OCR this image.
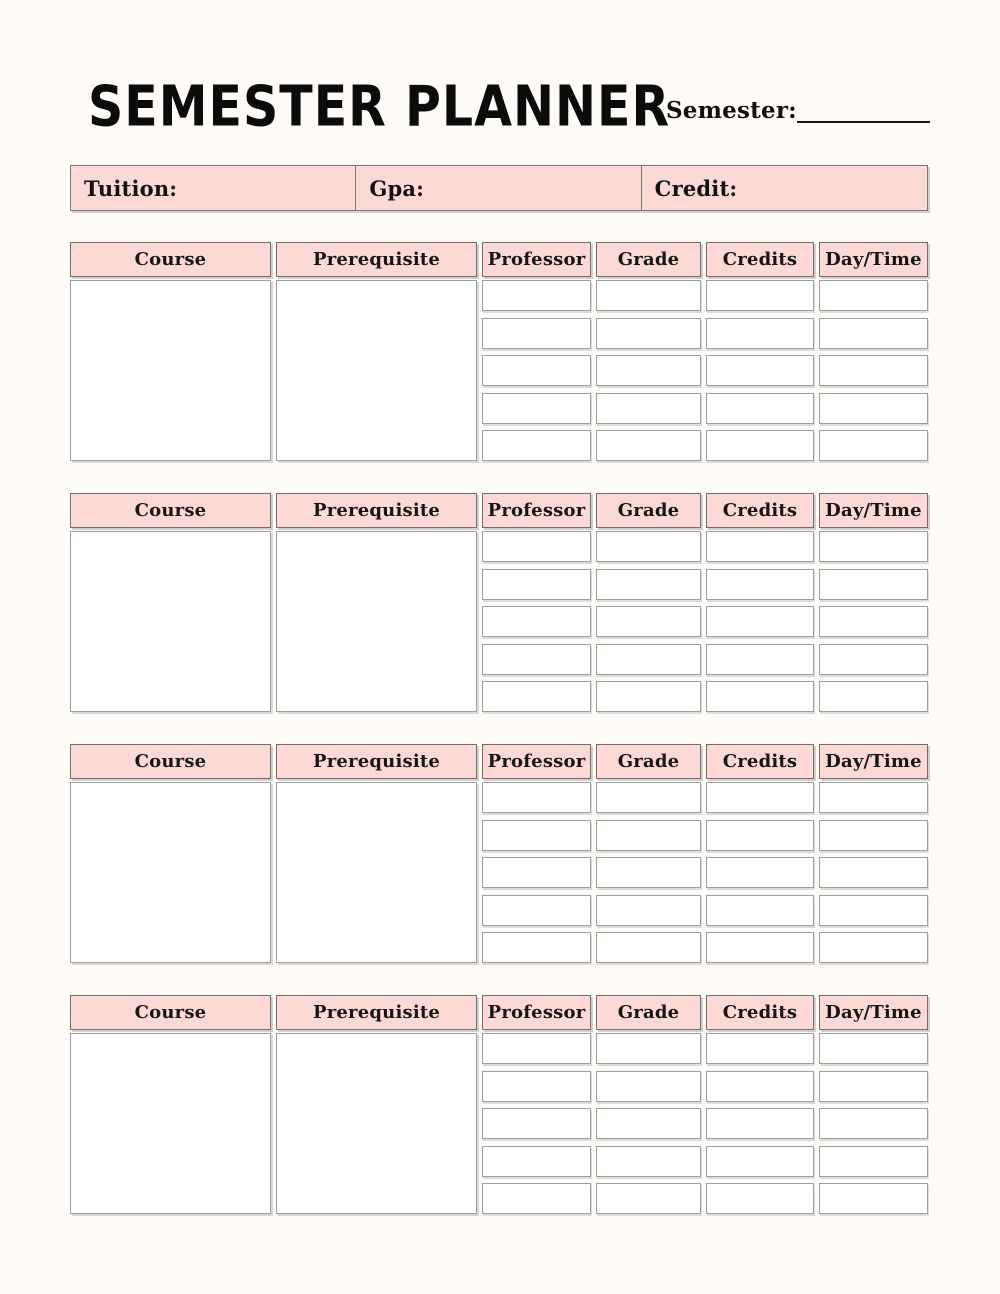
SEMESTER PLANNER
Semester:
Tuition:	Gpa:	Credit:
Course	Prerequisite	Professor	Grade	Credits	Day/Time
Course	Prerequisite	Professor	Grade	Credits	Day/Time
Course	Prerequisite	Professor	Grade	Credits	Day/Time
Course	Prerequisite	Professor	Grade	Credits	Day/Time
